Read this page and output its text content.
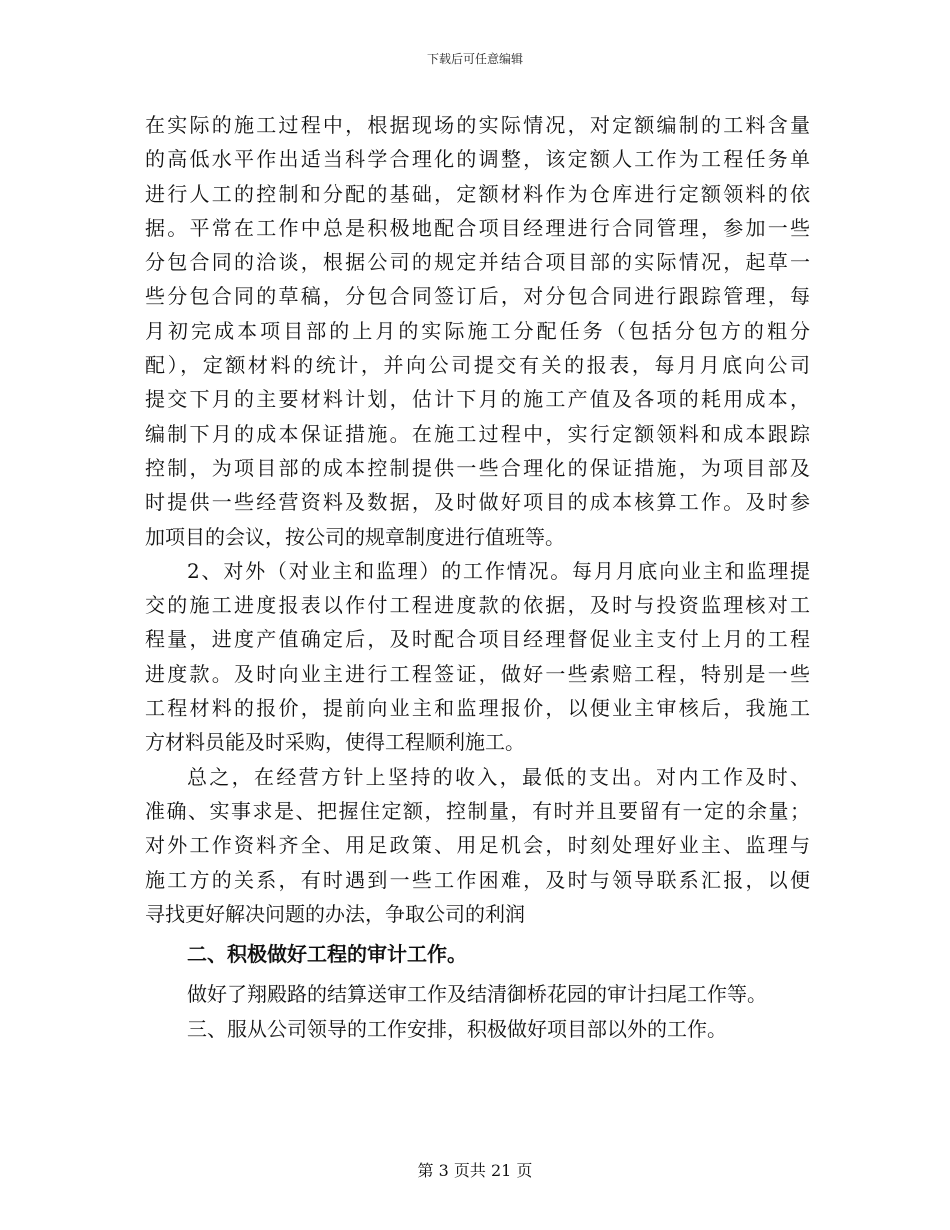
下载后可任意编辑
在实际的施工过程中，根据现场的实际情况，对定额编制的工料含量
的高低水平作出适当科学合理化的调整，该定额人工作为工程任务单
进行人工的控制和分配的基础，定额材料作为仓库进行定额领料的依
据。平常在工作中总是积极地配合项目经理进行合同管理，参加一些
分包合同的洽谈，根据公司的规定并结合项目部的实际情况，起草一
些分包合同的草稿，分包合同签订后，对分包合同进行跟踪管理，每
月初完成本项目部的上月的实际施工分配任务（包括分包方的粗分
配），定额材料的统计，并向公司提交有关的报表，每月月底向公司
提交下月的主要材料计划，估计下月的施工产值及各项的耗用成本，
编制下月的成本保证措施。在施工过程中，实行定额领料和成本跟踪
控制，为项目部的成本控制提供一些合理化的保证措施，为项目部及
时提供一些经营资料及数据，及时做好项目的成本核算工作。及时参
加项目的会议，按公司的规章制度进行值班等。
2、对外（对业主和监理）的工作情况。每月月底向业主和监理提
交的施工进度报表以作付工程进度款的依据，及时与投资监理核对工
程量，进度产值确定后，及时配合项目经理督促业主支付上月的工程
进度款。及时向业主进行工程签证，做好一些索赔工程，特别是一些
工程材料的报价，提前向业主和监理报价，以便业主审核后，我施工
方材料员能及时采购，使得工程顺利施工。
总之，在经营方针上坚持的收入，最低的支出。对内工作及时、
准确、实事求是、把握住定额，控制量，有时并且要留有一定的余量；
对外工作资料齐全、用足政策、用足机会，时刻处理好业主、监理与
施工方的关系，有时遇到一些工作困难，及时与领导联系汇报，以便
寻找更好解决问题的办法，争取公司的利润
二、积极做好工程的审计工作。
做好了翔殿路的结算送审工作及结清御桥花园的审计扫尾工作等。
三、服从公司领导的工作安排，积极做好项目部以外的工作。
第 3 页共 21 页
